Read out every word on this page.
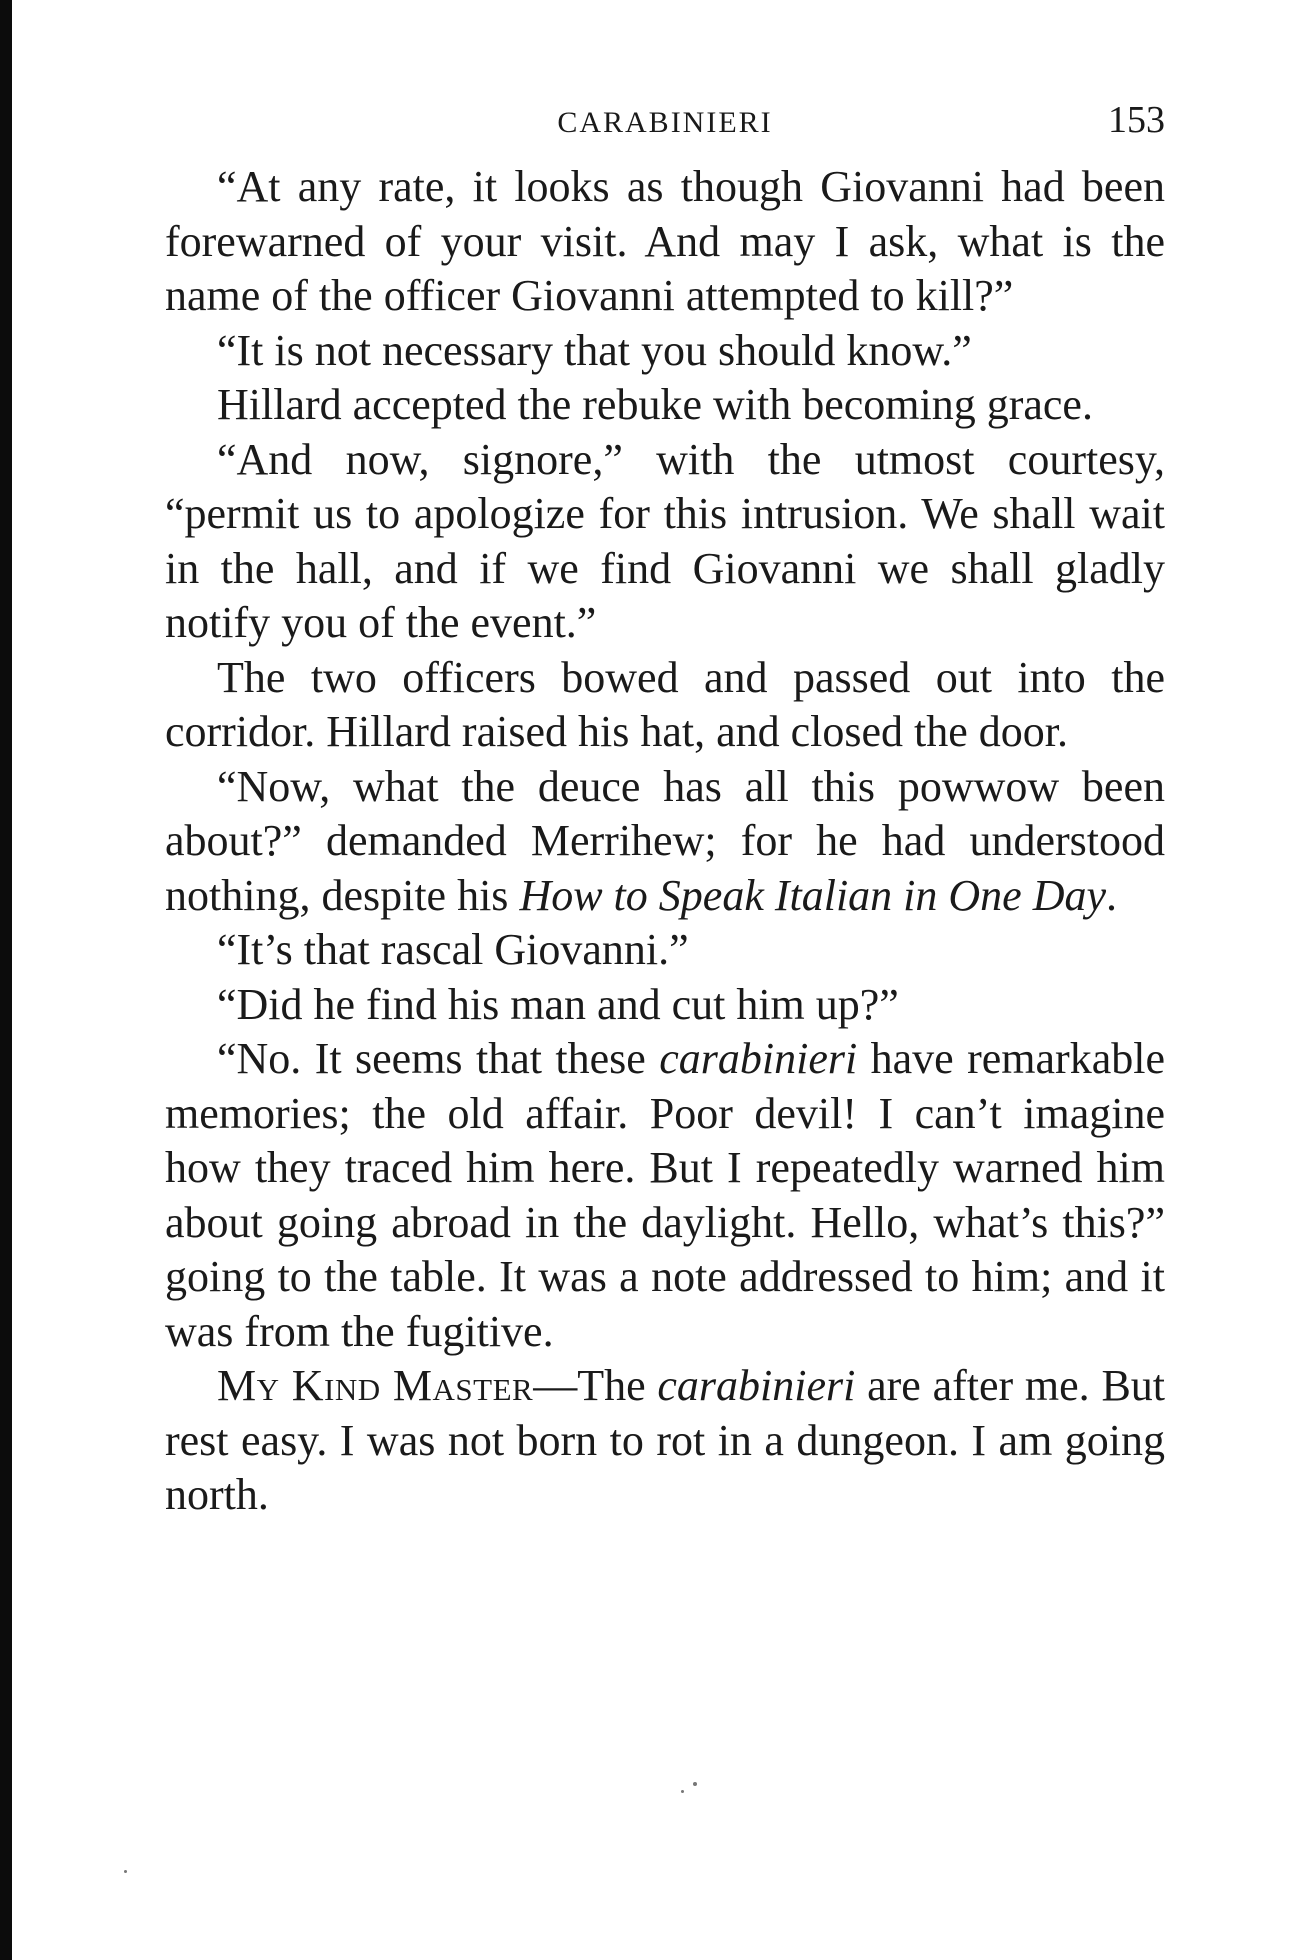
CARABINIERI	153

“At any rate, it looks as though Giovanni had been forewarned of your visit. And may I ask, what is the name of the officer Giovanni attempted to kill?”

“It is not necessary that you should know.”

Hillard accepted the rebuke with becoming grace.

“And now, signore,” with the utmost courtesy, “permit us to apologize for this intrusion. We shall wait in the hall, and if we find Giovanni we shall gladly notify you of the event.”

The two officers bowed and passed out into the corridor. Hillard raised his hat, and closed the door.

“Now, what the deuce has all this powwow been about?” demanded Merrihew; for he had understood nothing, despite his How to Speak Italian in One Day.

“It’s that rascal Giovanni.”

“Did he find his man and cut him up?”

“No. It seems that these carabinieri have remarkable memories; the old affair. Poor devil! I can’t imagine how they traced him here. But I repeatedly warned him about going abroad in the daylight. Hello, what’s this?” going to the table. It was a note addressed to him; and it was from the fugitive.

My Kind Master—The carabinieri are after me. But rest easy. I was not born to rot in a dungeon. I am going north.
